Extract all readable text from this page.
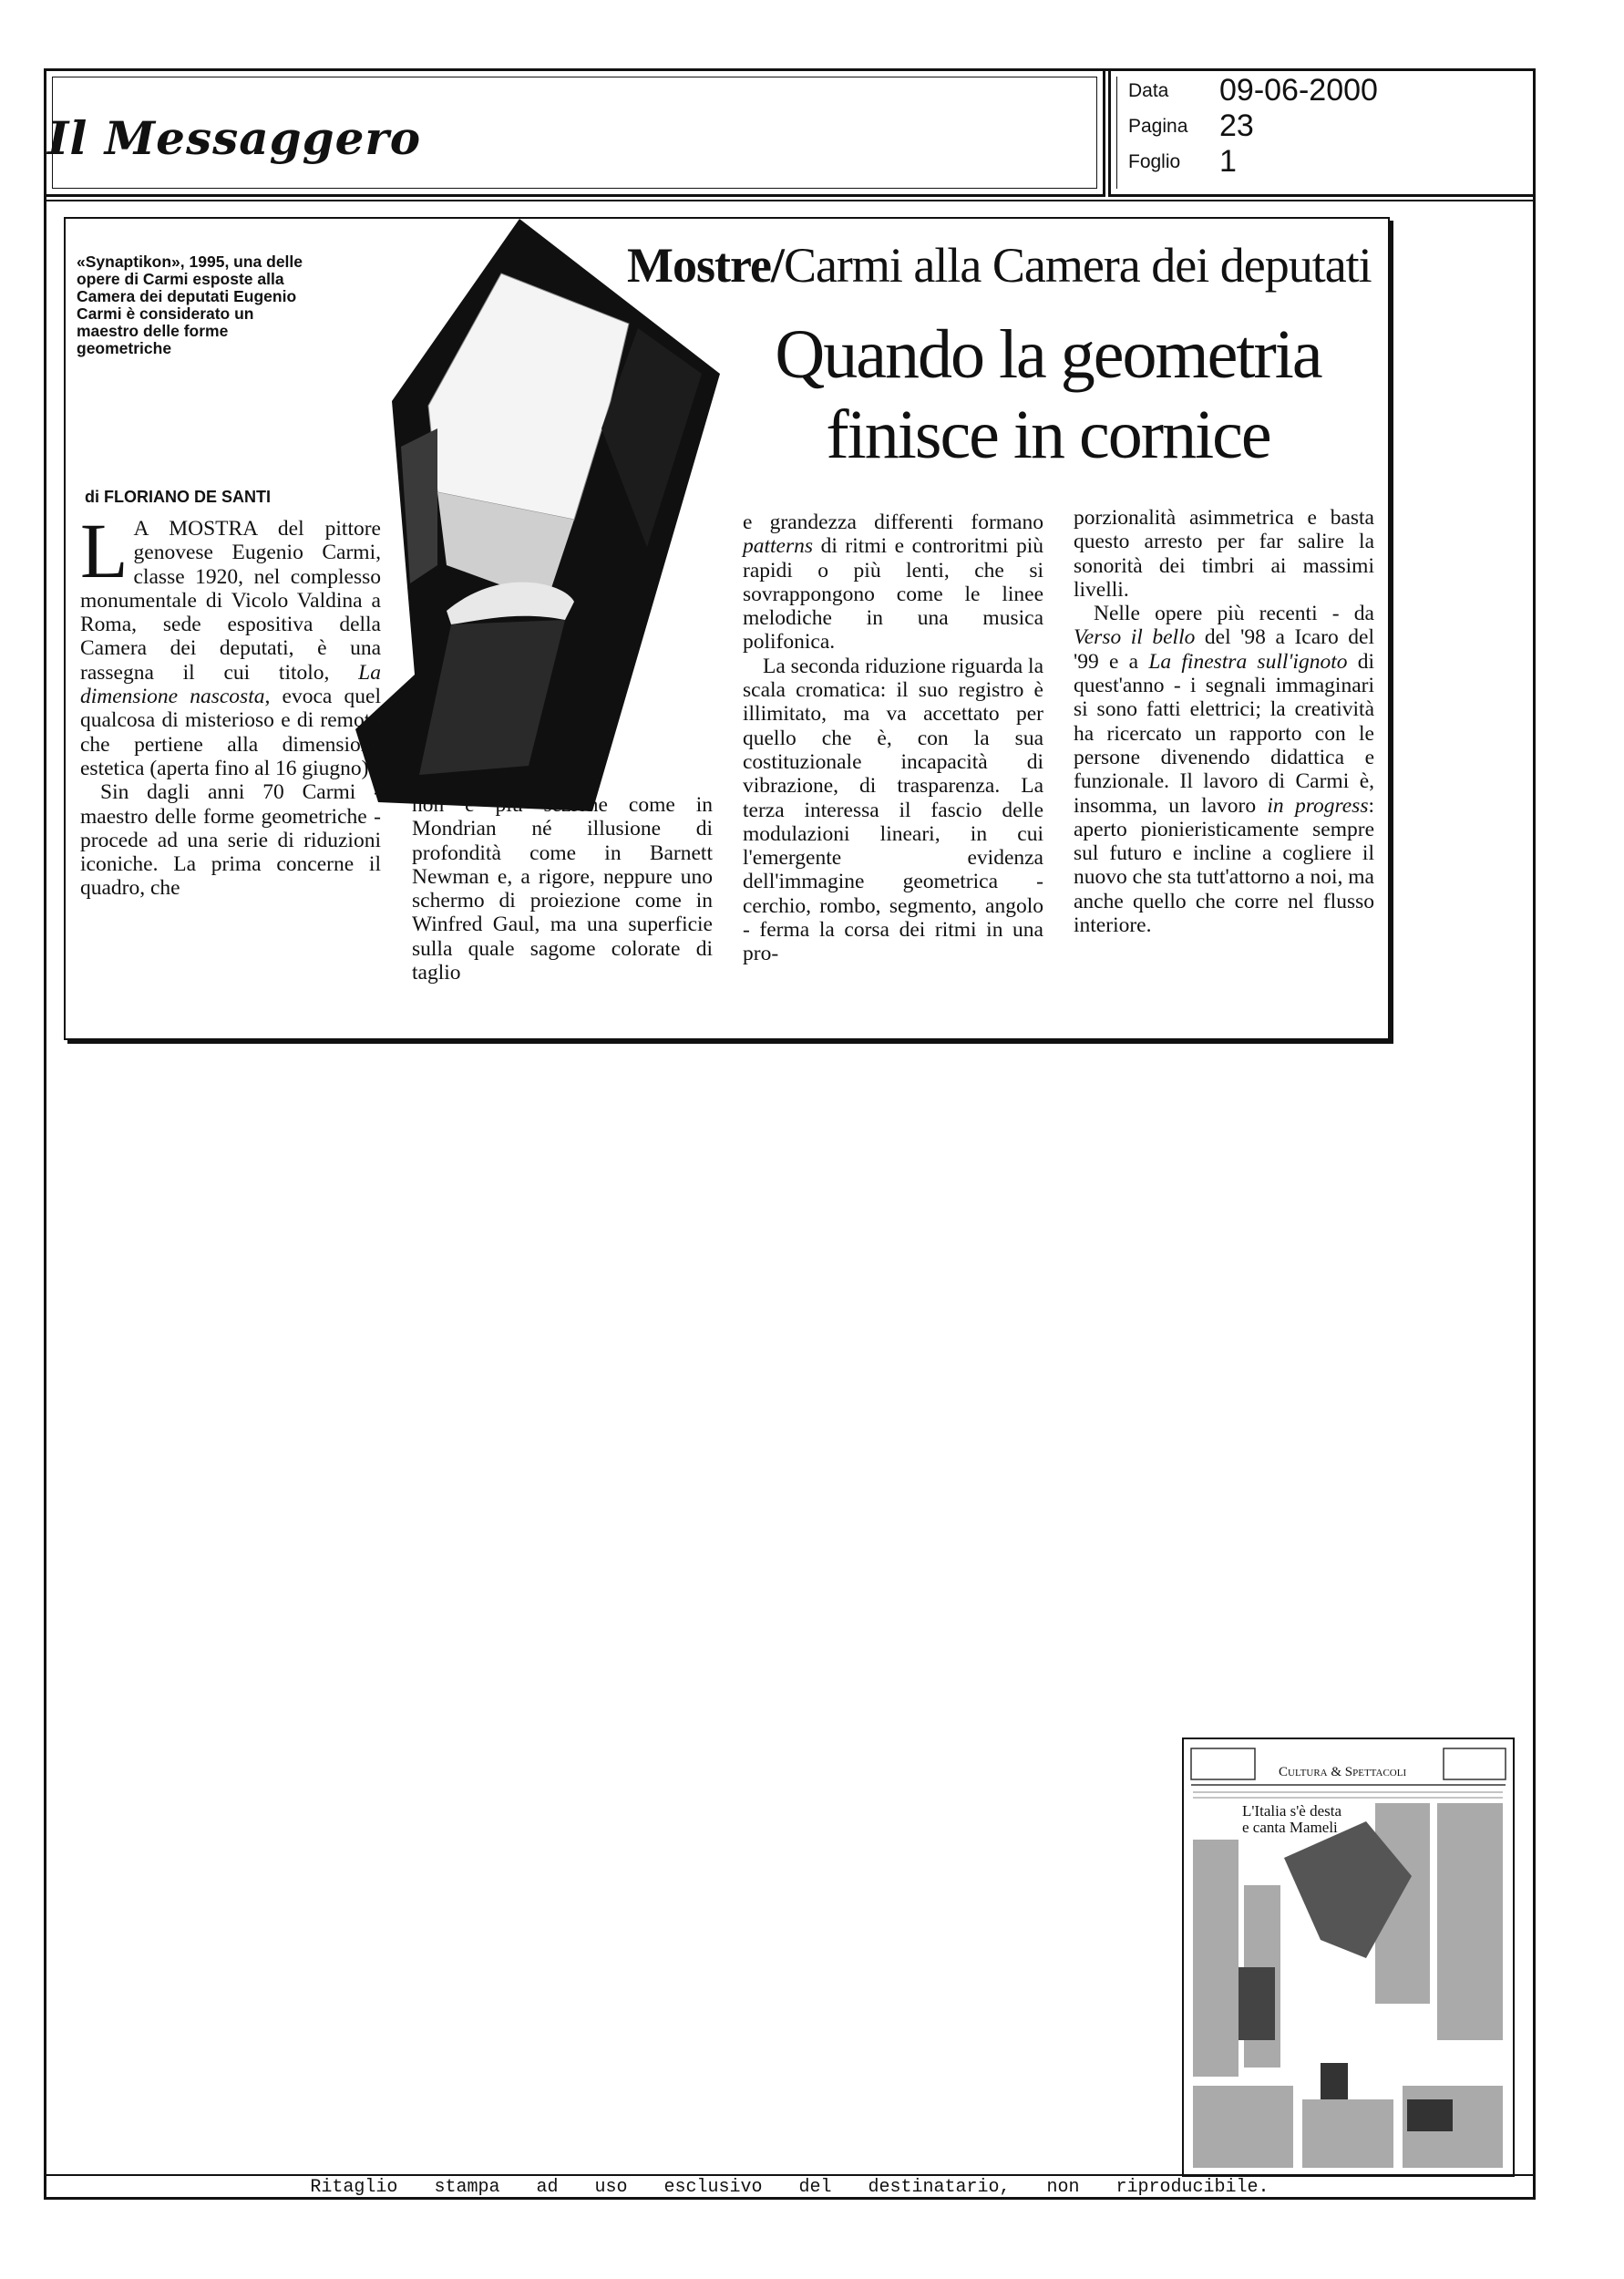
Il Messaggero
Data 09-06-2000
Pagina 23
Foglio 1
«Synaptikon», 1995, una delle opere di Carmi esposte alla Camera dei deputati Eugenio Carmi è considerato un maestro delle forme geometriche
Mostre/Carmi alla Camera dei deputati
Quando la geometria
finisce in cornice
di FLORIANO DE SANTI

L A MOSTRA del pittore genovese Eugenio Carmi, classe 1920, nel complesso monumentale di Vicolo Valdina a Roma, sede espositiva della Camera dei deputati, è una rassegna il cui titolo, La dimensione nascosta, evoca quel qualcosa di misterioso e di remoto che pertiene alla dimensione estetica (aperta fino al 16 giugno).

Sin dagli anni 70 Carmi - maestro delle forme geometriche - procede ad una serie di riduzioni iconiche. La prima concerne il quadro, che

non è più sezione come in Mondrian né illusione di profondità come in Barnett Newman e, a rigore, neppure uno schermo di proiezione come in Winfred Gaul, ma una superficie sulla quale sagome colorate di taglio

e grandezza differenti formano patterns di ritmi e controritmi più rapidi o più lenti, che si sovrappongono come le linee melodiche in una musica polifonica.

La seconda riduzione riguarda la scala cromatica: il suo registro è illimitato, ma va accettato per quello che è, con la sua costituzionale incapacità di vibrazione, di trasparenza. La terza interessa il fascio delle modulazioni lineari, in cui l'emergente evidenza dell'immagine geometrica - cerchio, rombo, segmento, angolo - ferma la corsa dei ritmi in una pro-

porzionalità asimmetrica e basta questo arresto per far salire la sonorità dei timbri ai massimi livelli.

Nelle opere più recenti - da Verso il bello del '98 a Icaro del '99 e a La finestra sull'ignoto di quest'anno - i segnali immaginari si sono fatti elettrici; la creatività ha ricercato un rapporto con le persone divenendo didattica e funzionale. Il lavoro di Carmi è, insomma, un lavoro in progress: aperto pionieristicamente sempre sul futuro e incline a cogliere il nuovo che sta tutt'attorno a noi, ma anche quello che corre nel flusso interiore.

Cultura & Spettacoli
L'Italia s'è desta
e canta Mameli
Ritaglio stampa ad uso esclusivo del destinatario, non riproducibile.
